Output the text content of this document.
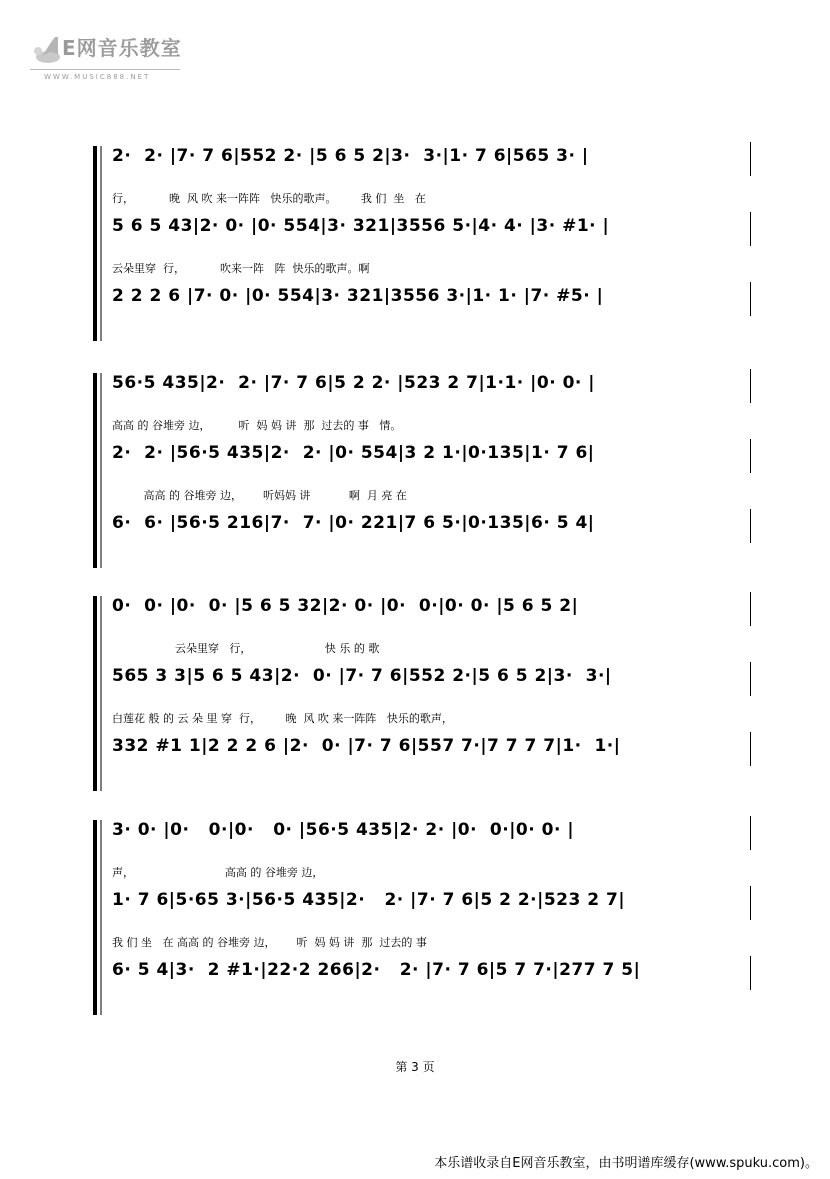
E网音乐教室
WWW.MUSIC888.NET
2·  2· |7· 7 6|552 2· |5 6 5 2|3·  3·|1· 7 6|565 3· |
行，          晚  风 吹 来一阵阵   快乐的歌声。       我 们  坐   在
5 6 5 43|2· 0· |0· 554|3· 321|3556 5·|4· 4· |3· #1· |
云朵里穿  行，          吹来一阵   阵  快乐的歌声。啊
2 2 2 6 |7· 0· |0· 554|3· 321|3556 3·|1· 1· |7· #5· |
56·5 435|2·  2· |7· 7 6|5 2 2· |523 2 7|1·1· |0· 0· |
高高 的 谷堆旁 边，        听  妈 妈 讲  那  过去的 事   情。
2·  2· |56·5 435|2·  2· |0· 554|3 2 1·|0·135|1· 7 6|
高高 的 谷堆旁 边，      听妈妈 讲           啊  月 亮 在
6·  6· |56·5 216|7·  7· |0· 221|7 6 5·|0·135|6· 5 4|
0·  0· |0·  0· |5 6 5 32|2· 0· |0·  0·|0· 0· |5 6 5 2|
云朵里穿   行，                     快 乐 的 歌
565 3 3|5 6 5 43|2·  0· |7· 7 6|552 2·|5 6 5 2|3·  3·|
白莲花 般 的 云 朵 里 穿  行，       晚  风 吹 来一阵阵   快乐的歌声，
332 #1 1|2 2 2 6 |2·  0· |7· 7 6|557 7·|7 7 7 7|1·  1·|
3· 0· |0·   0·|0·   0· |56·5 435|2· 2· |0·  0·|0· 0· |
声，                          高高 的 谷堆旁 边，
1· 7 6|5·65 3·|56·5 435|2·   2· |7· 7 6|5 2 2·|523 2 7|
我 们 坐   在 高高 的 谷堆旁 边，      听  妈 妈 讲  那  过去的 事
6· 5 4|3·  2 #1·|22·2 266|2·   2· |7· 7 6|5 7 7·|277 7 5|
第 3 页
本乐谱收录自E网音乐教室，由书明谱库缓存(www.spuku.com)。
